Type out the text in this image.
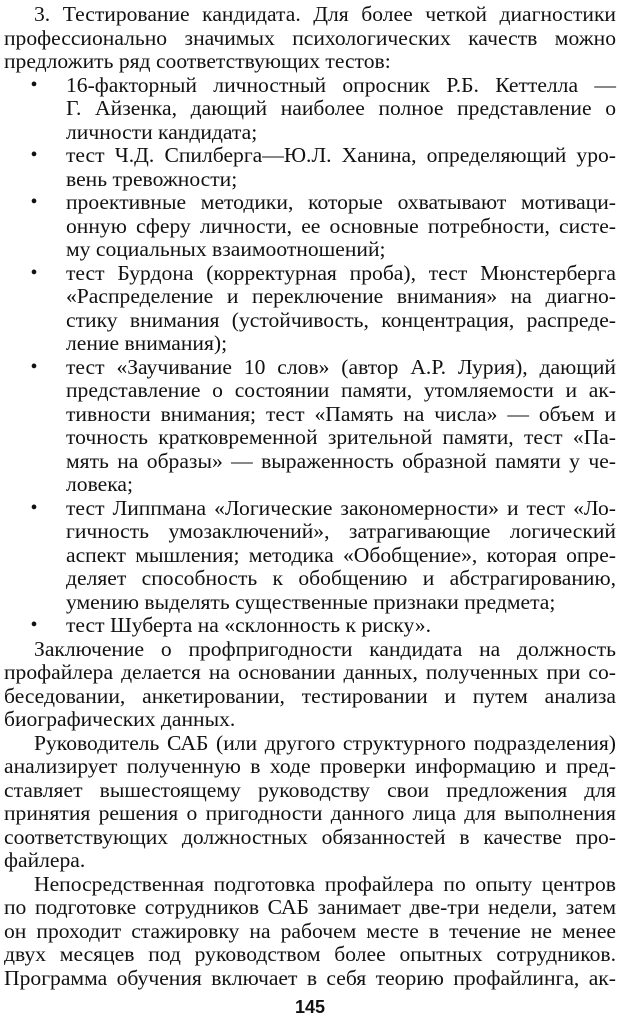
3. Тестирование кандидата. Для более четкой диагностики
профессионально значимых психологических качеств можно
предложить ряд соответствующих тестов:
• 16-факторный личностный опросник Р.Б. Кеттелла —
Г. Айзенка, дающий наиболее полное представление о
личности кандидата;
• тест Ч.Д. Спилберга—Ю.Л. Ханина, определяющий уро-
вень тревожности;
• проективные методики, которые охватывают мотиваци-
онную сферу личности, ее основные потребности, систе-
му социальных взаимоотношений;
• тест Бурдона (корректурная проба), тест Мюнстерберга
«Распределение и переключение внимания» на диагно-
стику внимания (устойчивость, концентрация, распреде-
ление внимания);
• тест «Заучивание 10 слов» (автор А.Р. Лурия), дающий
представление о состоянии памяти, утомляемости и ак-
тивности внимания; тест «Память на числа» — объем и
точность кратковременной зрительной памяти, тест «Па-
мять на образы» — выраженность образной памяти у че-
ловека;
• тест Липпмана «Логические закономерности» и тест «Ло-
гичность умозаключений», затрагивающие логический
аспект мышления; методика «Обобщение», которая опре-
деляет способность к обобщению и абстрагированию,
умению выделять существенные признаки предмета;
• тест Шуберта на «склонность к риску».
Заключение о профпригодности кандидата на должность
профайлера делается на основании данных, полученных при со-
беседовании, анкетировании, тестировании и путем анализа
биографических данных.
Руководитель САБ (или другого структурного подразделения)
анализирует полученную в ходе проверки информацию и пред-
ставляет вышестоящему руководству свои предложения для
принятия решения о пригодности данного лица для выполнения
соответствующих должностных обязанностей в качестве про-
файлера.
Непосредственная подготовка профайлера по опыту центров
по подготовке сотрудников САБ занимает две-три недели, затем
он проходит стажировку на рабочем месте в течение не менее
двух месяцев под руководством более опытных сотрудников.
Программа обучения включает в себя теорию профайлинга, ак-
145
